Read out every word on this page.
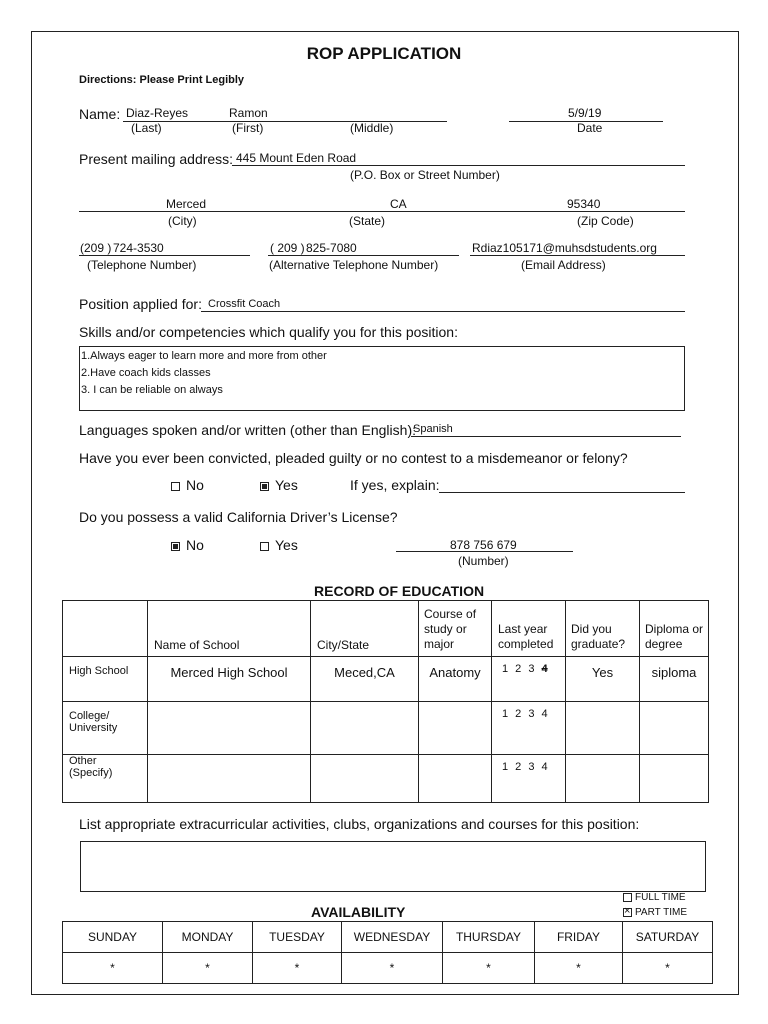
ROP APPLICATION
Directions: Please Print Legibly
Name: Diaz-Reyes	Ramon	5/9/19
(Last)	(First)	(Middle)	Date
Present mailing address: 445 Mount Eden Road
(P.O. Box or Street Number)
Merced	CA	95340
(City)	(State)	(Zip Code)
(209 ) 724-3530	( 209 ) 825-7080	Rdiaz105171@muhsdstudents.org
(Telephone Number)	(Alternative Telephone Number)	(Email Address)
Position applied for: Crossfit Coach
Skills and/or competencies which qualify you for this position:
1.Always eager to learn more and more from other
2.Have coach kids classes
3. I can be reliable on always
Languages spoken and/or written (other than English):
Spanish
Have you ever been convicted, pleaded guilty or no contest to a misdemeanor or felony?
No	Yes	If yes, explain:
Do you possess a valid California Driver’s License?
No	Yes	878 756 679
(Number)
RECORD OF EDUCATION

	Name of School	City/State	Course of study or major	Last year completed	Did you graduate?	Diploma or degree

High School	Merced High School	Meced,CA	Anatomy	1 2 3 4	Yes	siploma

College/ University				1 2 3 4		

Other (Specify)				1 2 3 4		

List appropriate extracurricular activities, clubs, organizations and courses for this position:
AVAILABILITY
FULL TIME
×PART TIME
SUNDAY	MONDAY	TUESDAY	WEDNESDAY	THURSDAY	FRIDAY	SATURDAY
*	*	*	*	*	*	*
